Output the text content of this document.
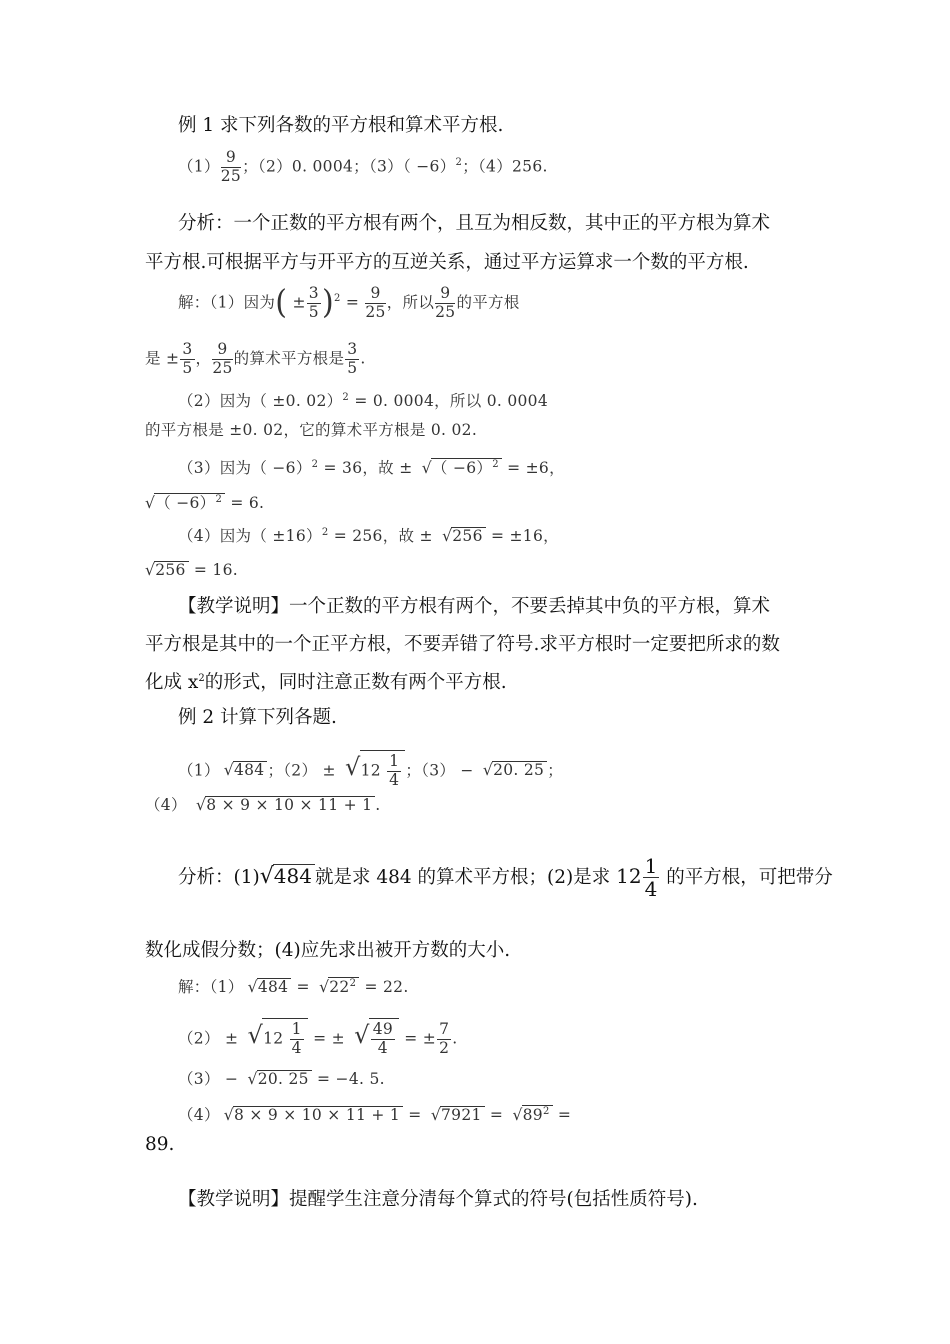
例 1 求下列各数的平方根和算术平方根.
$(1) \frac{9}{25}$ ；（2）0. 0004；$(3)( -6)^2$；（4）256.
分析：一个正数的平方根有两个，且互为相反数，其中正的平方根为算术
平方根.可根据平方与开平方的互逆关系，通过平方运算求一个数的平方根.
解：（1）因为( ± $\frac{3}{5} )^2 = \frac{9}{25}$ ，所以 $\frac{9}{25}$ 的平方根
是 ± $\frac{3}{5}$ ， $\frac{9}{25}$ 的算术平方根是 $\frac{3}{5}$ .
（2）因为（ ±0. 02）$^2$ = 0. 0004，所以 0. 0004
的平方根是 ±0. 02，它的算术平方根是 0. 02.
（3）因为（ −6）$^2$ = 36，故 ± √（ −6）$^2$ = ±6，
√（ −6）$^2$ = 6.
（4）因为（ ±16）$^2$ = 256，故 ± √256 = ±16，
√256 = 16.
【教学说明】一个正数的平方根有两个，不要丢掉其中负的平方根，算术
平方根是其中的一个正平方根，不要弄错了符号.求平方根时一定要把所求的数
化成 $x^2$的形式，同时注意正数有两个平方根.
例 2 计算下列各题.
（1） √484 ；$(2) \pm √12 \frac{1}{4}$ ；（3） − √20. 25 ；
（4） √8 × 9 × 10 × 11 + 1 .
分析：(1)√484 就是求 484 的算术平方根；(2)是求 $12 \frac{1}{4}$ 的平方根，可把带分
数化成假分数；(4)应先求出被开方数的大小.
解：（1） $√484 = √22^2 = 22$.
$(2) \pm √12 \frac{1}{4}$ = ± √ $\frac{49}{4}$ = ± $\frac{7}{2}$ .
（3） − √20. 25 = −4. 5.
（4） $√8 \times 9 \times 10 \times 11 + 1 = √7921 = √89^2$ =
89.
【教学说明】提醒学生注意分清每个算式的符号(包括性质符号).
